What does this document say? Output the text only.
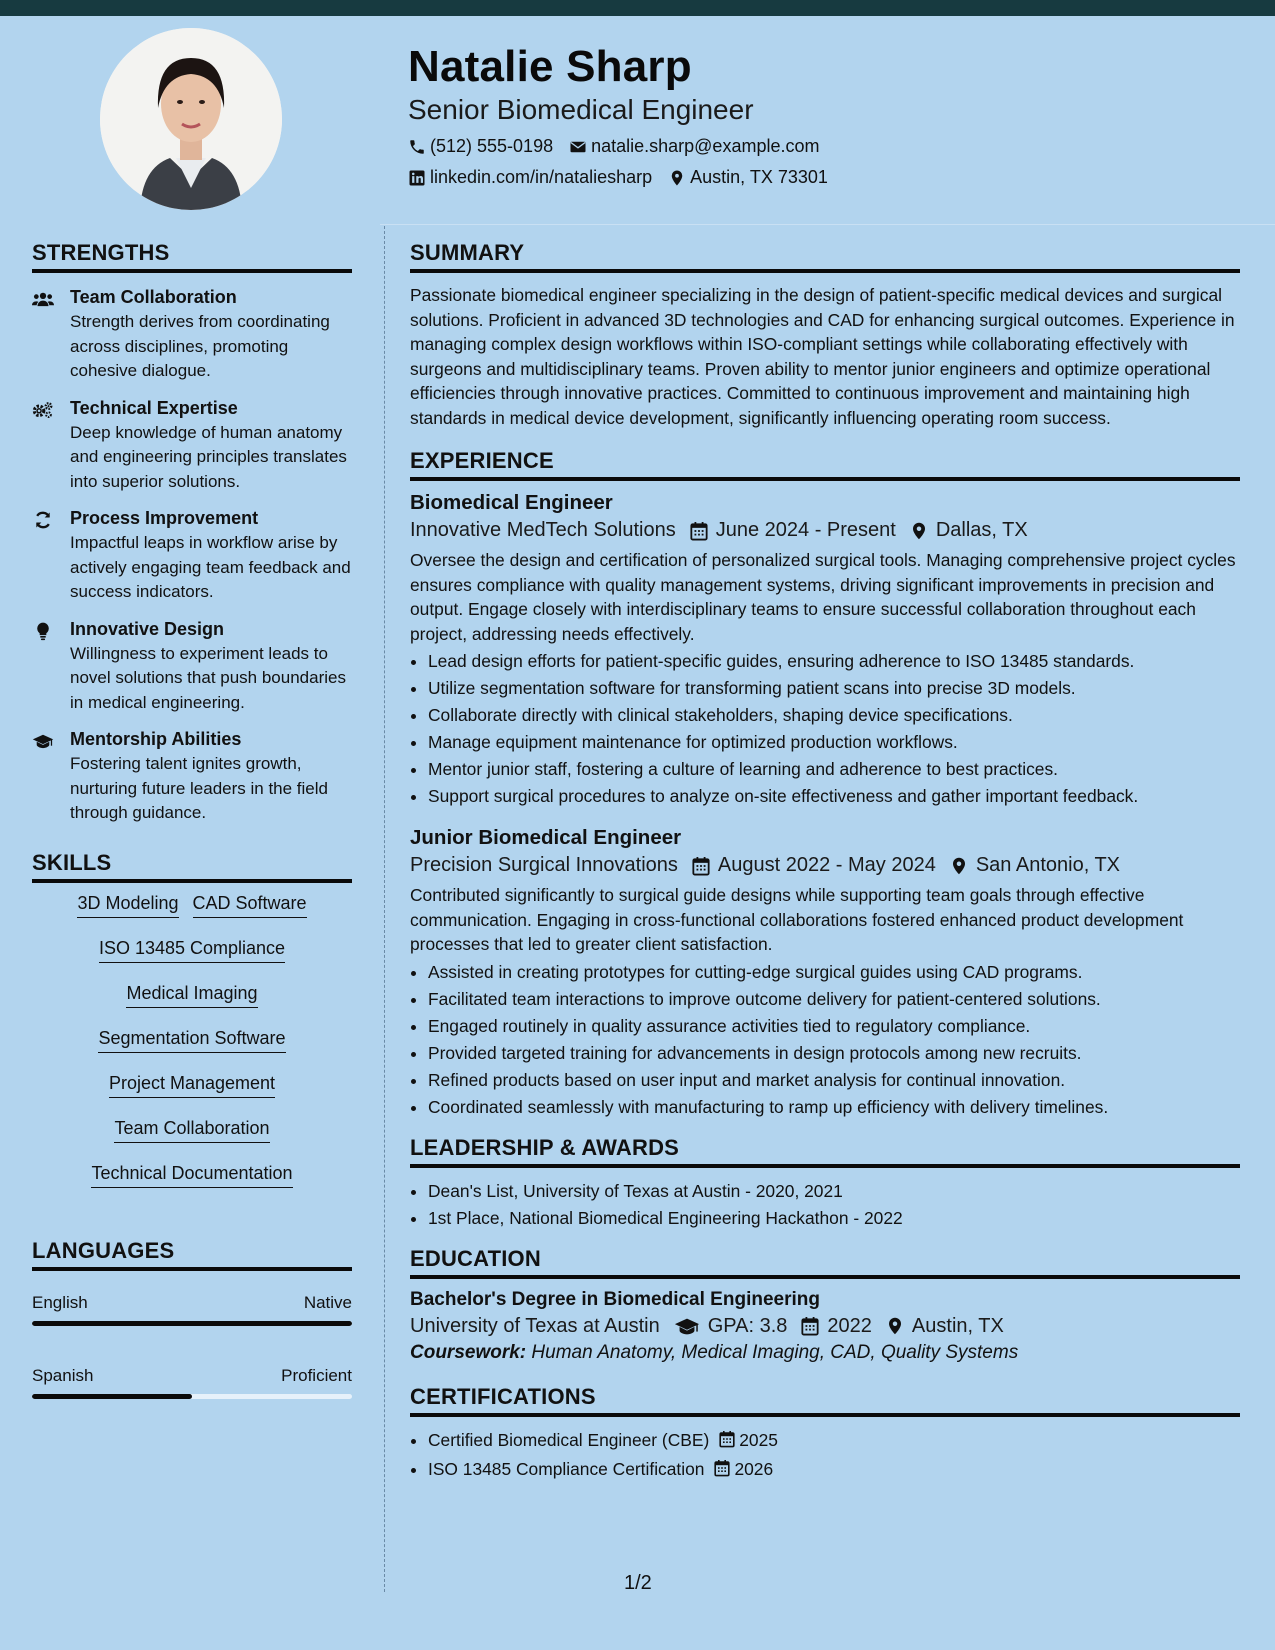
Natalie Sharp
Senior Biomedical Engineer
(512) 555-0198 natalie.sharp@example.com
linkedin.com/in/nataliesharp Austin, TX 73301
STRENGTHS
Team Collaboration
Strength derives from coordinating across disciplines, promoting cohesive dialogue.
Technical Expertise
Deep knowledge of human anatomy and engineering principles translates into superior solutions.
Process Improvement
Impactful leaps in workflow arise by actively engaging team feedback and success indicators.
Innovative Design
Willingness to experiment leads to novel solutions that push boundaries in medical engineering.
Mentorship Abilities
Fostering talent ignites growth, nurturing future leaders in the field through guidance.
SKILLS
3D Modeling CAD Software
ISO 13485 Compliance
Medical Imaging
Segmentation Software
Project Management
Team Collaboration
Technical Documentation
LANGUAGES
English	Native
Spanish	Proficient
SUMMARY
Passionate biomedical engineer specializing in the design of patient-specific medical devices and surgical solutions. Proficient in advanced 3D technologies and CAD for enhancing surgical outcomes. Experience in managing complex design workflows within ISO-compliant settings while collaborating effectively with surgeons and multidisciplinary teams. Proven ability to mentor junior engineers and optimize operational efficiencies through innovative practices. Committed to continuous improvement and maintaining high standards in medical device development, significantly influencing operating room success.
EXPERIENCE
Biomedical Engineer
Innovative MedTech Solutions June 2024 - Present Dallas, TX
Oversee the design and certification of personalized surgical tools. Managing comprehensive project cycles ensures compliance with quality management systems, driving significant improvements in precision and output. Engage closely with interdisciplinary teams to ensure successful collaboration throughout each project, addressing needs effectively.
• Lead design efforts for patient-specific guides, ensuring adherence to ISO 13485 standards.
• Utilize segmentation software for transforming patient scans into precise 3D models.
• Collaborate directly with clinical stakeholders, shaping device specifications.
• Manage equipment maintenance for optimized production workflows.
• Mentor junior staff, fostering a culture of learning and adherence to best practices.
• Support surgical procedures to analyze on-site effectiveness and gather important feedback.
Junior Biomedical Engineer
Precision Surgical Innovations August 2022 - May 2024 San Antonio, TX
Contributed significantly to surgical guide designs while supporting team goals through effective communication. Engaging in cross-functional collaborations fostered enhanced product development processes that led to greater client satisfaction.
• Assisted in creating prototypes for cutting-edge surgical guides using CAD programs.
• Facilitated team interactions to improve outcome delivery for patient-centered solutions.
• Engaged routinely in quality assurance activities tied to regulatory compliance.
• Provided targeted training for advancements in design protocols among new recruits.
• Refined products based on user input and market analysis for continual innovation.
• Coordinated seamlessly with manufacturing to ramp up efficiency with delivery timelines.
LEADERSHIP & AWARDS
• Dean's List, University of Texas at Austin - 2020, 2021
• 1st Place, National Biomedical Engineering Hackathon - 2022
EDUCATION
Bachelor's Degree in Biomedical Engineering
University of Texas at Austin GPA: 3.8 2022 Austin, TX
Coursework: Human Anatomy, Medical Imaging, CAD, Quality Systems
CERTIFICATIONS
• Certified Biomedical Engineer (CBE) 2025
• ISO 13485 Compliance Certification 2026
1/2
